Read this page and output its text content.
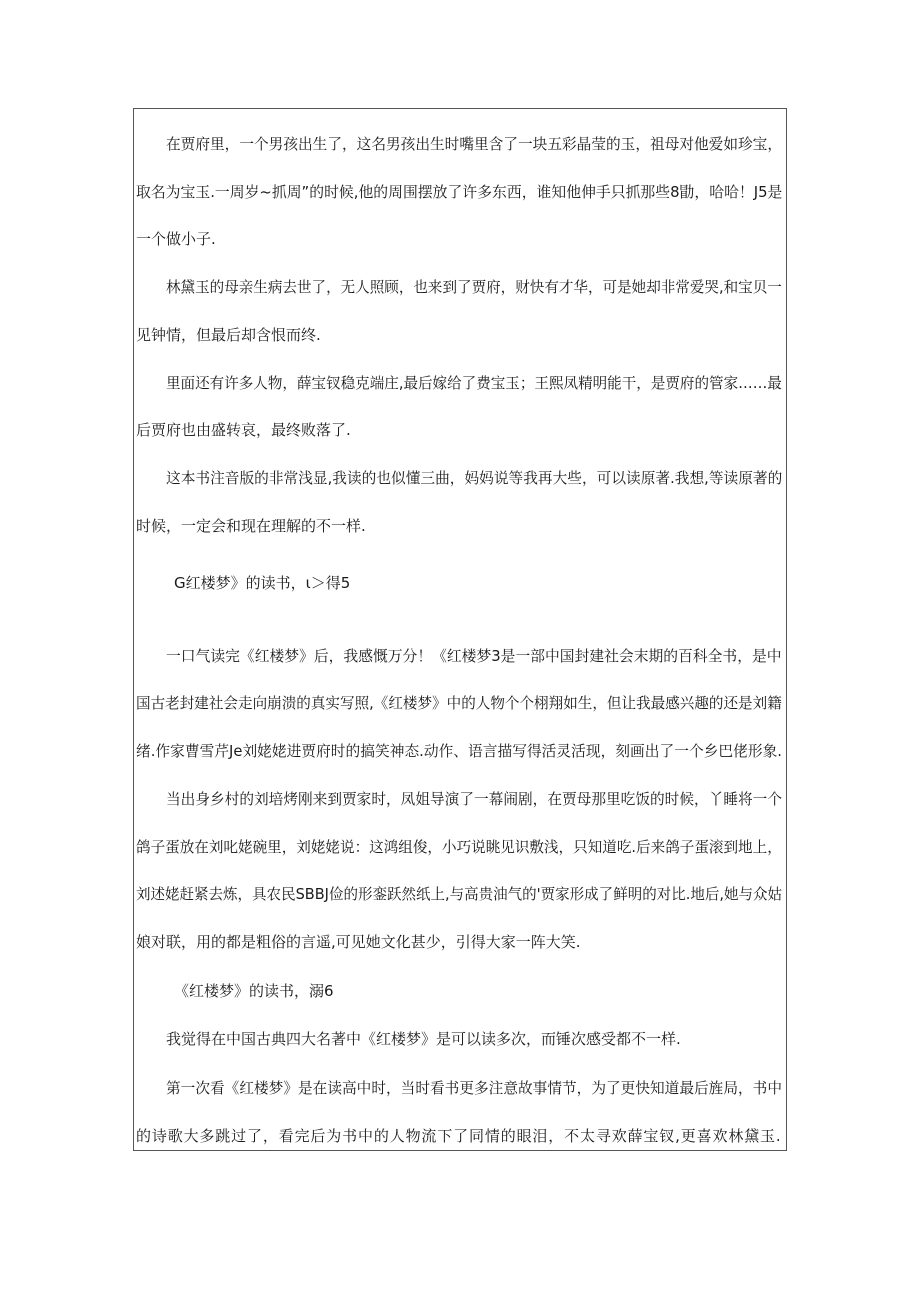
在贾府里，一个男孩出生了，这名男孩出生时嘴里含了一块五彩晶莹的玉，祖母对他爱如珍宝，
取名为宝玉.一周岁~抓周”的时候,他的周围摆放了许多东西，谁知他伸手只抓那些8勖，哈哈！J5是
一个做小子.
林黛玉的母亲生病去世了，无人照顾，也来到了贾府，财快有才华，可是她却非常爱哭,和宝贝一
见钟情，但最后却含恨而终.
里面还有许多人物，薛宝钗稳克端庄,最后嫁给了费宝玉；王熙凤精明能干，是贾府的管家……最
后贾府也由盛转哀，最终败落了.
这本书注音版的非常浅显,我读的也似懂三曲，妈妈说等我再大些，可以读原著.我想,等读原著的
时候，一定会和现在理解的不一样.
G红楼梦》的读书，ι＞得5
一口气读完《红楼梦》后，我感慨万分！《红楼梦3是一部中国封建社会末期的百科全书，是中
国古老封建社会走向崩溃的真实写照,《红楼梦》中的人物个个栩翔如生，但让我最感兴趣的还是刘籍
绪.作家曹雪芹Je刘姥姥进贾府时的搞笑神态.动作、语言描写得活灵活现，刻画出了一个乡巴佬形象.
当出身乡村的刘培烤刚来到贾家时，凤姐导演了一幕闹剧，在贾母那里吃饭的时候，丫睡将一个
鸽子蛋放在刘叱姥碗里，刘姥姥说：这鸿组俊，小巧说眺见识敷浅，只知道吃.后来鸽子蛋滚到地上，
刘述姥赶紧去炼，具农民SBBJ俭的形銮跃然纸上,与高贵油气的'贾家形成了鲜明的对比.地后,她与众姑
娘对联，用的都是粗俗的言遥,可见她文化甚少，引得大家一阵大笑.
《红楼梦》的读书，溺6
我觉得在中国古典四大名著中《红楼梦》是可以读多次，而锤次感受都不一样.
第一次看《红楼梦》是在读高中时，当时看书更多注意故事情节，为了更快知道最后旌局，书中
的诗歌大多跳过了，看完后为书中的人物流下了同情的眼泪，不太寻欢薛宝钗,更喜欢林黛玉.
